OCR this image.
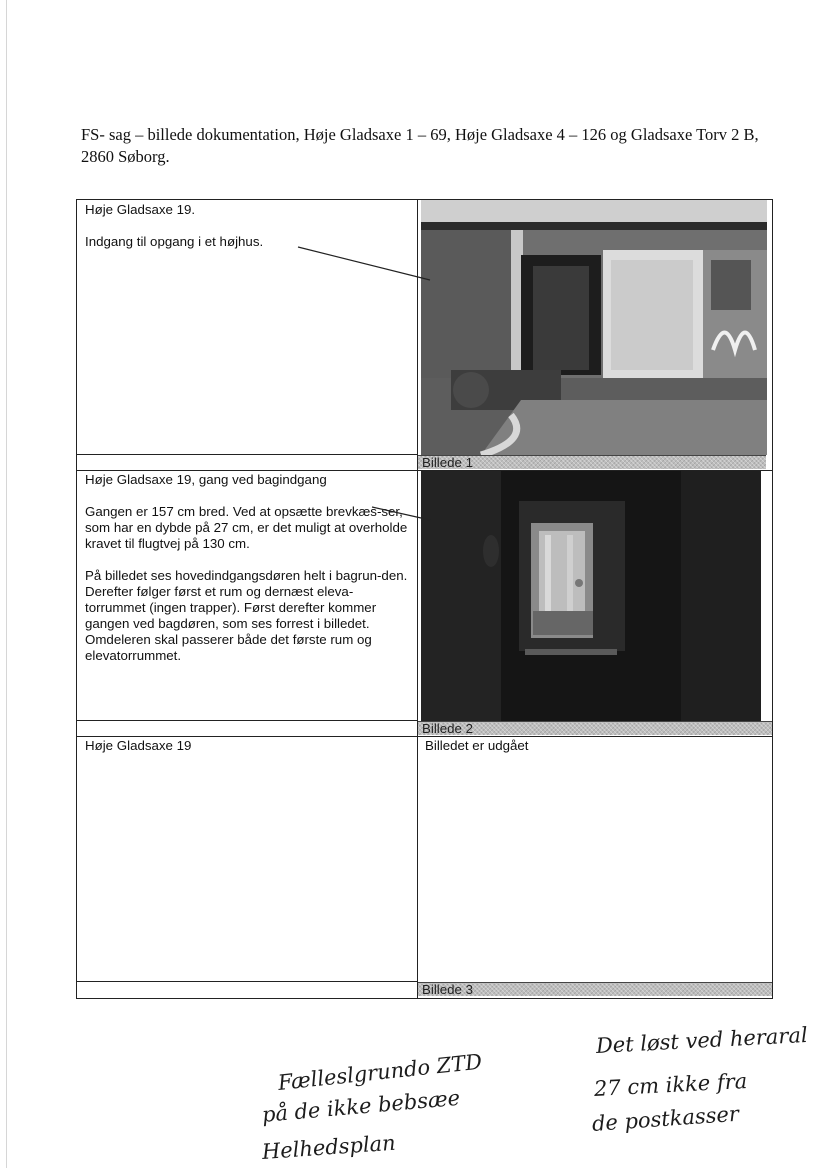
FS- sag – billede dokumentation, Høje Gladsaxe 1 – 69, Høje Gladsaxe 4 – 126 og Gladsaxe Torv 2 B, 2860 Søborg.

Høje Gladsaxe 19.

Indgang til opgang i et højhus.

Billede 1

Høje Gladsaxe 19, gang ved bagindgang

Gangen er 157 cm bred. Ved at opsætte brevkæs-ser, som har en dybde på 27 cm, er det muligt at overholde kravet til flugtvej på 130 cm.

På billedet ses hovedindgangsdøren helt i bagrun-den. Derefter følger først et rum og dernæst eleva-torrummet (ingen trapper). Først derefter kommer gangen ved bagdøren, som ses forrest i billedet. Omdeleren skal passerer både det første rum og elevatorrummet.

Billede 2

Høje Gladsaxe 19	Billedet er udgået

Billede 3
Det løst ved heraral
27 cm ikke fra
de postkasser
Fælleslgrundo ZTD
på de ikke bebsæe
Helhedsplan
